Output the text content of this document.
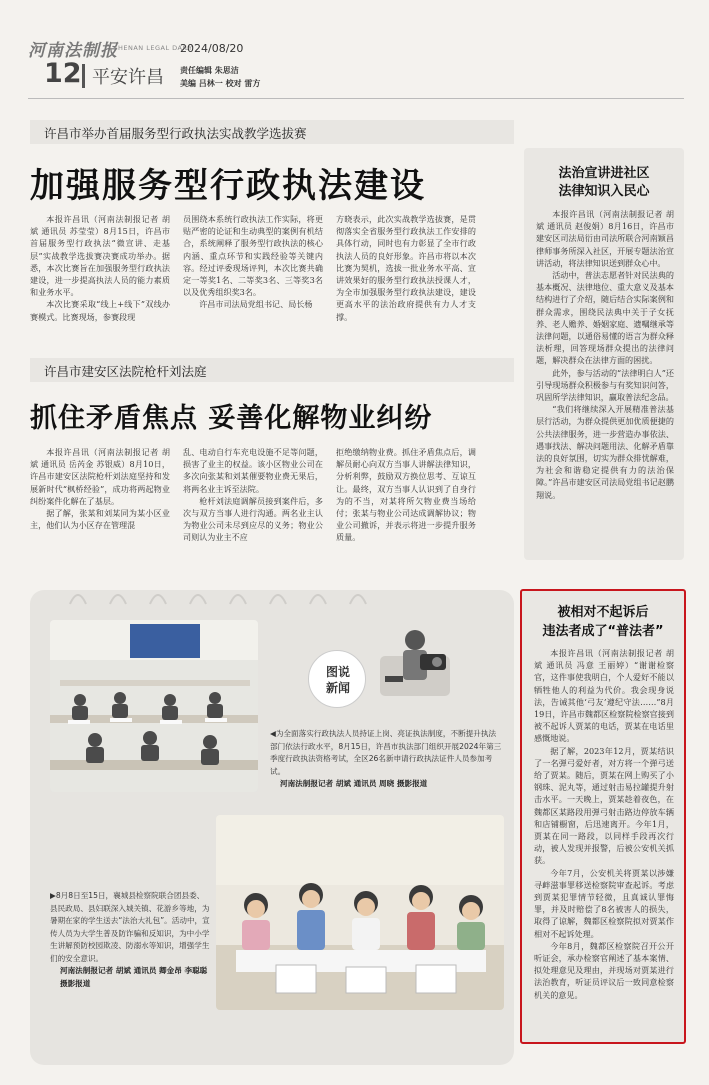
河南法制报 HENAN LEGAL DAILY
2024/08/20
12 平安许昌 责任编辑 朱思洁
美编 吕林一 校对 雷方
许昌市举办首届服务型行政执法实战教学选拔赛
加强服务型行政执法建设

本报许昌讯（河南法制报记者 胡斌 通讯员 苏莹莹）8月15日，许昌市首届服务型行政执法“微宣讲、走基层”实战教学选拔赛决赛成功举办。据悉，本次比赛旨在加强服务型行政执法建设，进一步提高执法人员的能力素质和业务水平。

本次比赛采取“线上+线下”双线办赛模式。比赛现场，参赛段现

员围绕本系统行政执法工作实际，将更贴严密的论证和生动典型的案例有机结合，系统阐释了服务型行政执法的核心内涵、重点环节和实践经验等关键内容。经过评委现场评判，本次比赛共确定一等奖1名、二等奖3名、三等奖3名以及优秀组织奖3名。

许昌市司法局党组书记、局长杨

方晓表示，此次实战教学选拔赛，是贯彻落实全省服务型行政执法工作安排的具体行动，同时也有力彰显了全市行政执法人员的良好形象。许昌市将以本次比赛为契机，选拔一批业务水平高、宣讲效果好的服务型行政执法授课人才，为全市加强服务型行政执法建设，建设更高水平的法治政府提供有力人才支撑。

法治宣讲进社区
法律知识入民心

本报许昌讯（河南法制报记者 胡斌 通讯员 赵俊娟）8月16日，许昌市建安区司法局衍由司法所联合河南颖昌律师事务所深入社区，开展专题法治宣讲活动，将法律知识送到群众心中。

活动中，普法志愿者针对民法典的基本概况、法律地位、重大意义及基本结构进行了介绍，随后结合实际案例和群众需求，围绕民法典中关于子女抚养、老人赡养、婚姻家庭、遗嘱继承等法律问题，以通俗易懂的语言为群众释法析理，回答现场群众提出的法律问题，解决群众在法律方面的困扰。

此外，参与活动的“法律明白人”还引导现场群众积极参与有奖知识问答，巩固所学法律知识，赢取普法纪念品。

“我们将继续深入开展精准普法基层行活动，为群众提供更加优质便捷的公共法律服务，进一步营造办事依法、遇事找法、解决问题用法、化解矛盾靠法的良好氛围，切实为群众排忧解难，为社会和谐稳定提供有力的法治保障。”许昌市建安区司法局党组书记赵鹏翔说。

许昌市建安区法院枪杆刘法庭
抓住矛盾焦点 妥善化解物业纠纷

本报许昌讯（河南法制报记者 胡斌 通讯员 岳芮金 苏银威）8月10日，许昌市建安区法院枪杆刘法庭坚持和发展新时代“枫桥经验”，成功将两起物业纠纷案件化解在了基层。

据了解，张某和刘某同为某小区业主，他们认为小区存在管理混

乱、电动自行车充电设施不足等问题，损害了业主的权益。该小区物业公司在多次向张某和刘某催要物业费无果后，将两名业主诉至法院。

枪杆刘法庭调解员接到案件后，多次与双方当事人进行沟通。两名业主认为物业公司未尽到应尽的义务；物业公司则认为业主不应

拒绝缴纳物业费。抓住矛盾焦点后，调解员耐心向双方当事人讲解法律知识，分析利弊，鼓励双方换位思考、互谅互让。最终，双方当事人认识到了自身行为的不当，对某将所欠物业费当场给付；张某与物业公司达成调解协议；物业公司撤诉，并表示将进一步提升服务质量。

图说
新闻
◀为全面落实行政执法人员持证上岗、亮证执法制度，不断提升执法部门依法行政水平，8月15日，许昌市执法部门组织开展2024年第三季度行政执法资格考试，全区26名新申请行政执法证件人员参加考试。
河南法制报记者 胡斌 通讯员 周晓 摄影报道
▶8月8日至15日，襄城县检察院联合团县委、县民政局、县妇联深入城关镇、花游乡等地，为暑期在家的学生送去“法治大礼包”。活动中，宣传人员为大学生普及防诈骗和反知识，为中小学生讲解预防校园欺凌、防溺水等知识，增强学生们的安全意识。
河南法制报记者 胡斌 通讯员 卿金昂 李聪聪 摄影报道
被相对不起诉后
违法者成了“普法者”

本报许昌讯（河南法制报记者 胡斌 通讯员 冯意 王丽婷）“谢谢检察官，这件事使我明白，个人爱好不能以牺牲他人的利益为代价。我会现身说法，告诫其他‘弓友’遵纪守法……”8月19日，许昌市魏都区检察院检察官接到被不起诉人贾某的电话，贾某在电话里感慨地说。

据了解，2023年12月，贾某结识了一名弹弓爱好者，对方将一个弹弓送给了贾某。随后，贾某在网上购买了小钢珠、泥丸等，通过射击易拉罐提升射击水平。一天晚上，贾某趁着夜色，在魏都区某路段用弹弓射击路边停放车辆和店铺橱窗，后迅速离开。今年1月，贾某在同一路段，以同样手段再次行动，被人发现并报警，后被公安机关抓获。

今年7月，公安机关将贾某以涉嫌寻衅滋事罪移送检察院审查起诉。考虑到贾某犯罪情节轻微，且真诚认罪悔罪，并及时赔偿了8名被害人的损失，取得了谅解，魏都区检察院拟对贾某作相对不起诉处理。

今年8月，魏都区检察院召开公开听证会，承办检察官阐述了基本案情、拟处理意见及理由，并现场对贾某进行法治教育，听证员评议后一致同意检察机关的意见。
